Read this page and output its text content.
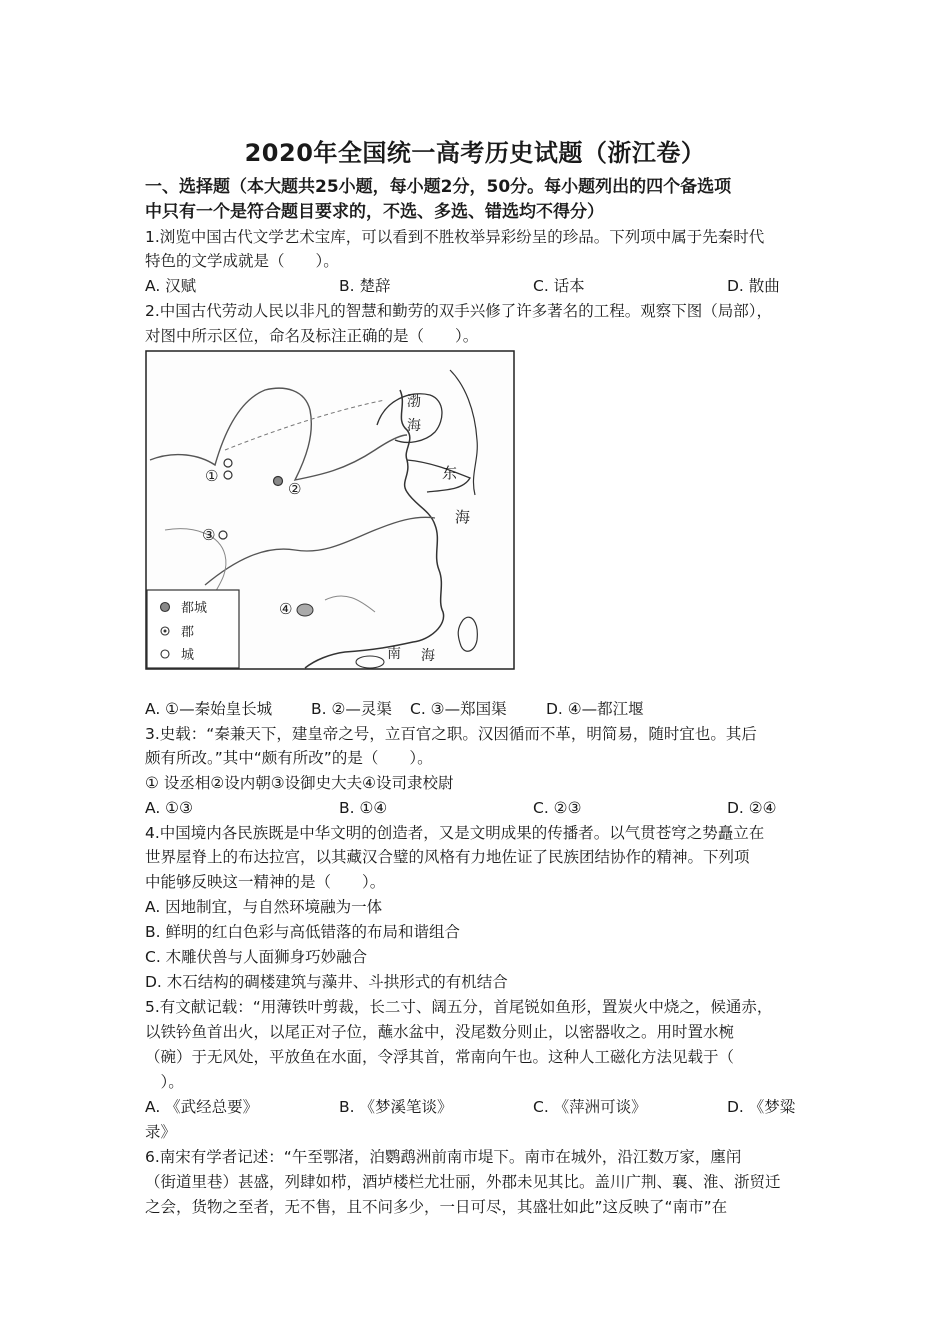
2020年全国统一高考历史试题（浙江卷）
一、选择题（本大题共25小题，每小题2分，50分。每小题列出的四个备选项
中只有一个是符合题目要求的，不选、多选、错选均不得分）
1.浏览中国古代文学艺术宝库，可以看到不胜枚举异彩纷呈的珍品。下列项中属于先秦时代
特色的文学成就是（　　）。
A. 汉赋	B. 楚辞	C. 话本	D. 散曲
2.中国古代劳动人民以非凡的智慧和勤劳的双手兴修了许多著名的工程。观察下图（局部），
对图中所示区位，命名及标注正确的是（　　）。
渤
海
东
海
南 海
①
②
③
④
都城
郡
城
A. ①—秦始皇长城	B. ②—灵渠 C. ③—郑国渠	D. ④—都江堰
3.史载：“秦兼天下，建皇帝之号，立百官之职。汉因循而不革，明简易，随时宜也。其后
颇有所改。”其中“颇有所改”的是（　　）。
① 设丞相②设内朝③设御史大夫④设司隶校尉
A. ①③	B. ①④	C. ②③	D. ②④
4.中国境内各民族既是中华文明的创造者，又是文明成果的传播者。以气贯苍穹之势矗立在
世界屋脊上的布达拉宫，以其藏汉合璧的风格有力地佐证了民族团结协作的精神。下列项
中能够反映这一精神的是（　　）。
A. 因地制宜，与自然环境融为一体
B. 鲜明的红白色彩与高低错落的布局和谐组合
C. 木雕伏兽与人面狮身巧妙融合
D. 木石结构的碉楼建筑与藻井、斗拱形式的有机结合
5.有文献记载：“用薄铁叶剪裁，长二寸、阔五分，首尾锐如鱼形，置炭火中烧之，候通赤，
以铁钤鱼首出火，以尾正对子位，蘸水盆中，没尾数分则止，以密器收之。用时置水椀
（碗）于无风处，平放鱼在水面，令浮其首，常南向午也。这种人工磁化方法见载于（
　）。
A. 《武经总要》	B. 《梦溪笔谈》	C. 《萍洲可谈》	D. 《梦粱
录》
6.南宋有学者记述：“午至鄂渚，泊鹦鹉洲前南市堤下。南市在城外，沿江数万家，廛闬
（街道里巷）甚盛，列肆如栉，酒垆楼栏尤壮丽，外郡未见其比。盖川广荆、襄、淮、浙贸迁
之会，货物之至者，无不售，且不问多少，一日可尽，其盛壮如此”这反映了“南市”在
